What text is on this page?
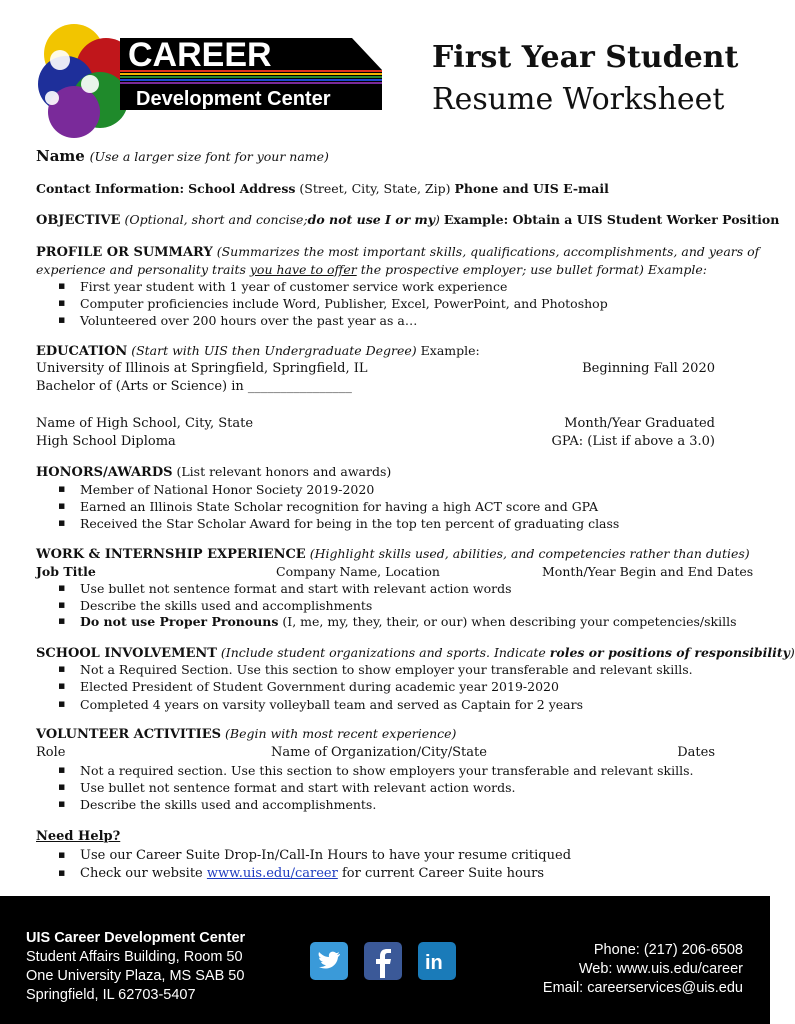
CAREER
Development Center
First Year Student
Resume Worksheet
Name (Use a larger size font for your name)
Contact Information: School Address (Street, City, State, Zip) Phone and UIS E-mail
OBJECTIVE (Optional, short and concise;do not use I or my) Example: Obtain a UIS Student Worker Position
PROFILE OR SUMMARY (Summarizes the most important skills, qualifications, accomplishments, and years of
experience and personality traits you have to offer the prospective employer; use bullet format) Example:
▪ First year student with 1 year of customer service work experience
▪ Computer proficiencies include Word, Publisher, Excel, PowerPoint, and Photoshop
▪ Volunteered over 200 hours over the past year as a…
EDUCATION (Start with UIS then Undergraduate Degree) Example:
University of Illinois at Springfield, Springfield, IL	Beginning Fall 2020
Bachelor of (Arts or Science) in ________________
Name of High School, City, State	Month/Year Graduated
High School Diploma	GPA: (List if above a 3.0)
HONORS/AWARDS (List relevant honors and awards)
▪ Member of National Honor Society 2019-2020
▪ Earned an Illinois State Scholar recognition for having a high ACT score and GPA
▪ Received the Star Scholar Award for being in the top ten percent of graduating class
WORK & INTERNSHIP EXPERIENCE (Highlight skills used, abilities, and competencies rather than duties)
Job Title	Company Name, Location	Month/Year Begin and End Dates
▪ Use bullet not sentence format and start with relevant action words
▪ Describe the skills used and accomplishments
▪ Do not use Proper Pronouns (I, me, my, they, their, or our) when describing your competencies/skills
SCHOOL INVOLVEMENT (Include student organizations and sports. Indicate roles or positions of responsibility)
▪ Not a Required Section. Use this section to show employer your transferable and relevant skills.
▪ Elected President of Student Government during academic year 2019-2020
▪ Completed 4 years on varsity volleyball team and served as Captain for 2 years
VOLUNTEER ACTIVITIES (Begin with most recent experience)
Role	Name of Organization/City/State	Dates
▪ Not a required section. Use this section to show employers your transferable and relevant skills.
▪ Use bullet not sentence format and start with relevant action words.
▪ Describe the skills used and accomplishments.
Need Help?
▪ Use our Career Suite Drop-In/Call-In Hours to have your resume critiqued
▪ Check our website www.uis.edu/career for current Career Suite hours
UIS Career Development Center
Student Affairs Building, Room 50
One University Plaza, MS SAB 50
Springfield, IL 62703-5407
Phone: (217) 206-6508
Web: www.uis.edu/career
Email: careerservices@uis.edu
in
